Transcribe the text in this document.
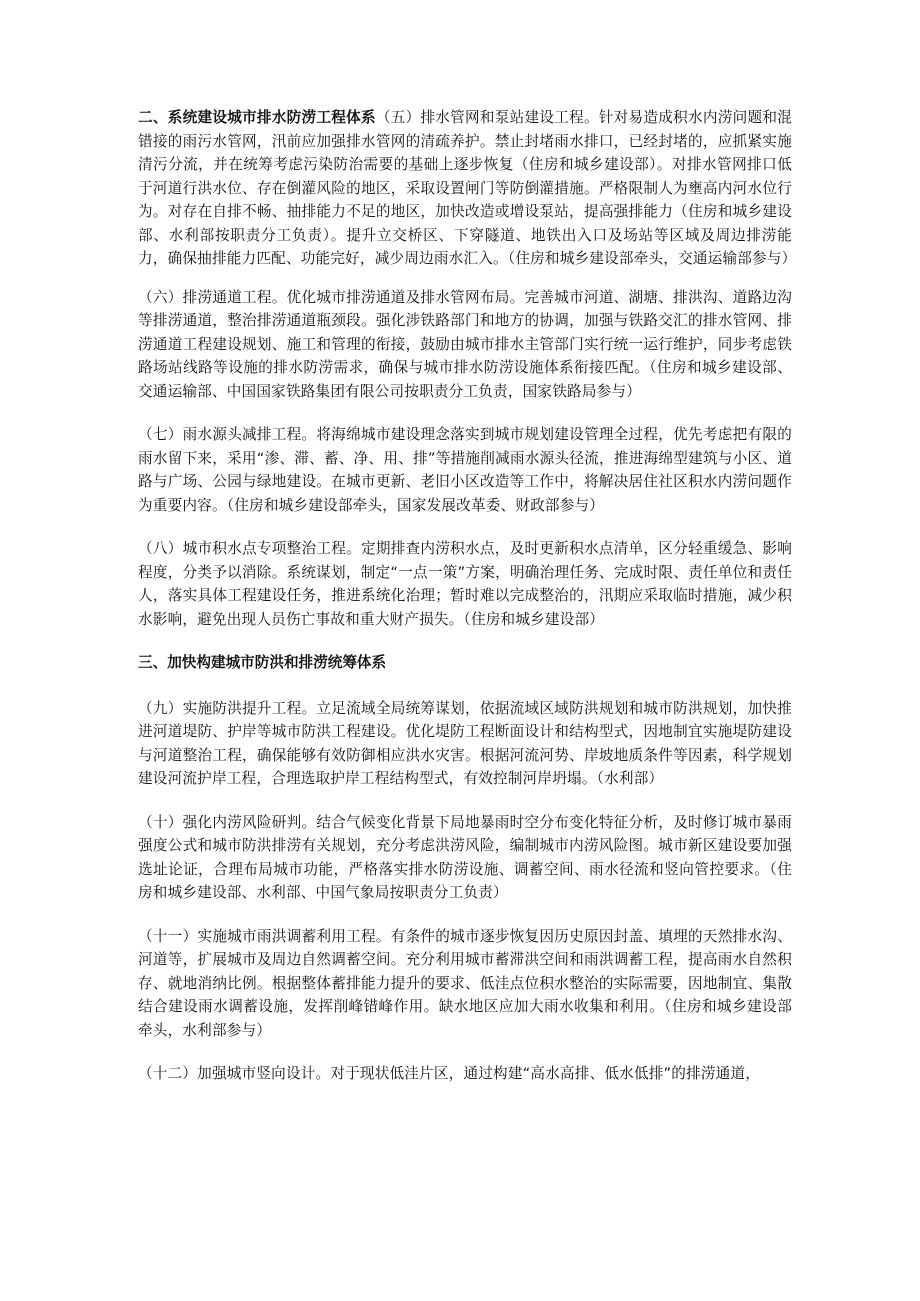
二、系统建设城市排水防涝工程体系（五）排水管网和泵站建设工程。针对易造成积水内涝问题和混错接的雨污水管网，汛前应加强排水管网的清疏养护。禁止封堵雨水排口，已经封堵的，应抓紧实施清污分流，并在统筹考虑污染防治需要的基础上逐步恢复（住房和城乡建设部）。对排水管网排口低于河道行洪水位、存在倒灌风险的地区，采取设置闸门等防倒灌措施。严格限制人为壅高内河水位行为。对存在自排不畅、抽排能力不足的地区，加快改造或增设泵站，提高强排能力（住房和城乡建设部、水利部按职责分工负责）。提升立交桥区、下穿隧道、地铁出入口及场站等区域及周边排涝能力，确保抽排能力匹配、功能完好，减少周边雨水汇入。（住房和城乡建设部牵头，交通运输部参与）

（六）排涝通道工程。优化城市排涝通道及排水管网布局。完善城市河道、湖塘、排洪沟、道路边沟等排涝通道，整治排涝通道瓶颈段。强化涉铁路部门和地方的协调，加强与铁路交汇的排水管网、排涝通道工程建设规划、施工和管理的衔接，鼓励由城市排水主管部门实行统一运行维护，同步考虑铁路场站线路等设施的排水防涝需求，确保与城市排水防涝设施体系衔接匹配。（住房和城乡建设部、交通运输部、中国国家铁路集团有限公司按职责分工负责，国家铁路局参与）

（七）雨水源头减排工程。将海绵城市建设理念落实到城市规划建设管理全过程，优先考虑把有限的雨水留下来，采用“渗、滞、蓄、净、用、排”等措施削减雨水源头径流，推进海绵型建筑与小区、道路与广场、公园与绿地建设。在城市更新、老旧小区改造等工作中，将解决居住社区积水内涝问题作为重要内容。（住房和城乡建设部牵头，国家发展改革委、财政部参与）

（八）城市积水点专项整治工程。定期排查内涝积水点，及时更新积水点清单，区分轻重缓急、影响程度，分类予以消除。系统谋划，制定“一点一策”方案，明确治理任务、完成时限、责任单位和责任人，落实具体工程建设任务，推进系统化治理；暂时难以完成整治的，汛期应采取临时措施，减少积水影响，避免出现人员伤亡事故和重大财产损失。（住房和城乡建设部）

三、加快构建城市防洪和排涝统筹体系

（九）实施防洪提升工程。立足流域全局统筹谋划，依据流域区域防洪规划和城市防洪规划，加快推进河道堤防、护岸等城市防洪工程建设。优化堤防工程断面设计和结构型式，因地制宜实施堤防建设与河道整治工程，确保能够有效防御相应洪水灾害。根据河流河势、岸坡地质条件等因素，科学规划建设河流护岸工程，合理选取护岸工程结构型式，有效控制河岸坍塌。（水利部）

（十）强化内涝风险研判。结合气候变化背景下局地暴雨时空分布变化特征分析，及时修订城市暴雨强度公式和城市防洪排涝有关规划，充分考虑洪涝风险，编制城市内涝风险图。城市新区建设要加强选址论证，合理布局城市功能，严格落实排水防涝设施、调蓄空间、雨水径流和竖向管控要求。（住房和城乡建设部、水利部、中国气象局按职责分工负责）

（十一）实施城市雨洪调蓄利用工程。有条件的城市逐步恢复因历史原因封盖、填埋的天然排水沟、河道等，扩展城市及周边自然调蓄空间。充分利用城市蓄滞洪空间和雨洪调蓄工程，提高雨水自然积存、就地消纳比例。根据整体蓄排能力提升的要求、低洼点位积水整治的实际需要，因地制宜、集散结合建设雨水调蓄设施，发挥削峰错峰作用。缺水地区应加大雨水收集和利用。（住房和城乡建设部牵头，水利部参与）

（十二）加强城市竖向设计。对于现状低洼片区，通过构建“高水高排、低水低排”的排涝通道，
